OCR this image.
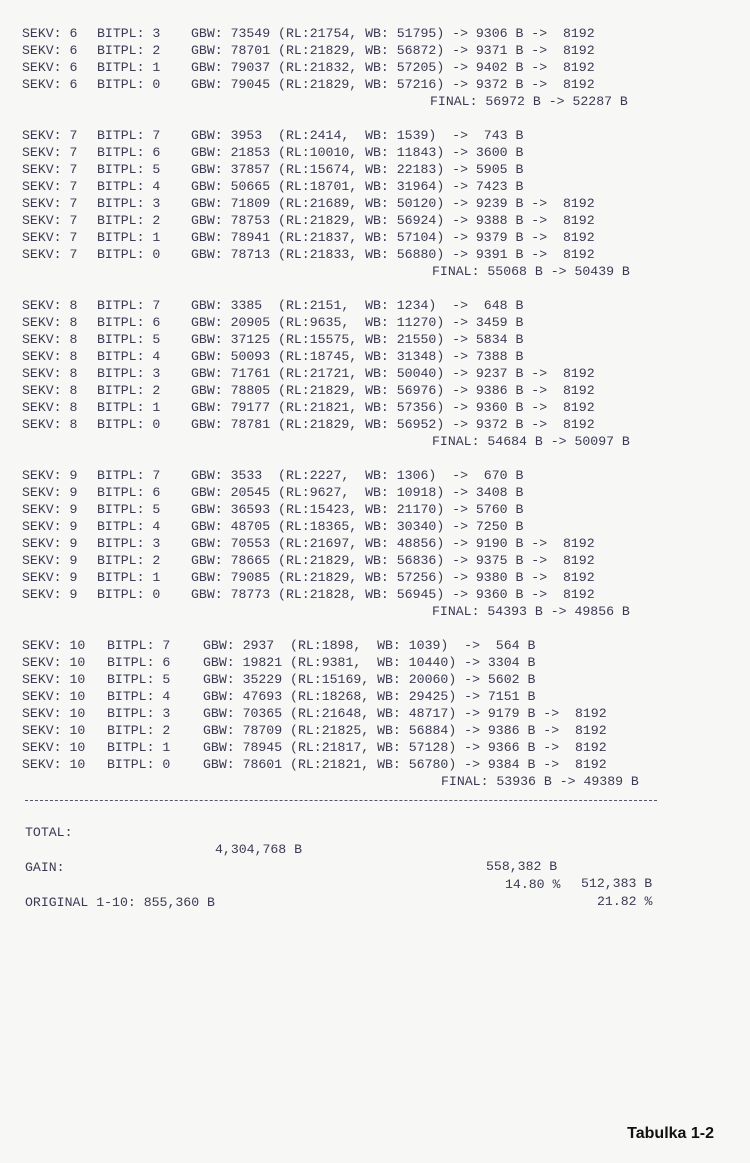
SEKV: 6 BITPL: 3 GBW: 73549 (RL:21754, WB: 51795) -> 9306 B ->  8192
SEKV: 6 BITPL: 2 GBW: 78701 (RL:21829, WB: 56872) -> 9371 B ->  8192
SEKV: 6 BITPL: 1 GBW: 79037 (RL:21832, WB: 57205) -> 9402 B ->  8192
SEKV: 6 BITPL: 0 GBW: 79045 (RL:21829, WB: 57216) -> 9372 B ->  8192
FINAL: 56972 B -> 52287 B
SEKV: 7 BITPL: 7 GBW: 3953  (RL:2414,  WB: 1539)  ->  743 B
SEKV: 7 BITPL: 6 GBW: 21853 (RL:10010, WB: 11843) -> 3600 B
SEKV: 7 BITPL: 5 GBW: 37857 (RL:15674, WB: 22183) -> 5905 B
SEKV: 7 BITPL: 4 GBW: 50665 (RL:18701, WB: 31964) -> 7423 B
SEKV: 7 BITPL: 3 GBW: 71809 (RL:21689, WB: 50120) -> 9239 B ->  8192
SEKV: 7 BITPL: 2 GBW: 78753 (RL:21829, WB: 56924) -> 9388 B ->  8192
SEKV: 7 BITPL: 1 GBW: 78941 (RL:21837, WB: 57104) -> 9379 B ->  8192
SEKV: 7 BITPL: 0 GBW: 78713 (RL:21833, WB: 56880) -> 9391 B ->  8192
FINAL: 55068 B -> 50439 B
SEKV: 8 BITPL: 7 GBW: 3385  (RL:2151,  WB: 1234)  ->  648 B
SEKV: 8 BITPL: 6 GBW: 20905 (RL:9635,  WB: 11270) -> 3459 B
SEKV: 8 BITPL: 5 GBW: 37125 (RL:15575, WB: 21550) -> 5834 B
SEKV: 8 BITPL: 4 GBW: 50093 (RL:18745, WB: 31348) -> 7388 B
SEKV: 8 BITPL: 3 GBW: 71761 (RL:21721, WB: 50040) -> 9237 B ->  8192
SEKV: 8 BITPL: 2 GBW: 78805 (RL:21829, WB: 56976) -> 9386 B ->  8192
SEKV: 8 BITPL: 1 GBW: 79177 (RL:21821, WB: 57356) -> 9360 B ->  8192
SEKV: 8 BITPL: 0 GBW: 78781 (RL:21829, WB: 56952) -> 9372 B ->  8192
FINAL: 54684 B -> 50097 B
SEKV: 9 BITPL: 7 GBW: 3533  (RL:2227,  WB: 1306)  ->  670 B
SEKV: 9 BITPL: 6 GBW: 20545 (RL:9627,  WB: 10918) -> 3408 B
SEKV: 9 BITPL: 5 GBW: 36593 (RL:15423, WB: 21170) -> 5760 B
SEKV: 9 BITPL: 4 GBW: 48705 (RL:18365, WB: 30340) -> 7250 B
SEKV: 9 BITPL: 3 GBW: 70553 (RL:21697, WB: 48856) -> 9190 B ->  8192
SEKV: 9 BITPL: 2 GBW: 78665 (RL:21829, WB: 56836) -> 9375 B ->  8192
SEKV: 9 BITPL: 1 GBW: 79085 (RL:21829, WB: 57256) -> 9380 B ->  8192
SEKV: 9 BITPL: 0 GBW: 78773 (RL:21828, WB: 56945) -> 9360 B ->  8192
FINAL: 54393 B -> 49856 B
SEKV: 10 BITPL: 7 GBW: 2937  (RL:1898,  WB: 1039)  ->  564 B
SEKV: 10 BITPL: 6 GBW: 19821 (RL:9381,  WB: 10440) -> 3304 B
SEKV: 10 BITPL: 5 GBW: 35229 (RL:15169, WB: 20060) -> 5602 B
SEKV: 10 BITPL: 4 GBW: 47693 (RL:18268, WB: 29425) -> 7151 B
SEKV: 10 BITPL: 3 GBW: 70365 (RL:21648, WB: 48717) -> 9179 B ->  8192
SEKV: 10 BITPL: 2 GBW: 78709 (RL:21825, WB: 56884) -> 9386 B ->  8192
SEKV: 10 BITPL: 1 GBW: 78945 (RL:21817, WB: 57128) -> 9366 B ->  8192
SEKV: 10 BITPL: 0 GBW: 78601 (RL:21821, WB: 56780) -> 9384 B ->  8192
FINAL: 53936 B -> 49389 B

TOTAL:

4,304,768 B

558,382 B

512,383 B

GAIN:

14.80 %

21.82 %

ORIGINAL 1-10: 855,360 B

Tabulka 1-2
